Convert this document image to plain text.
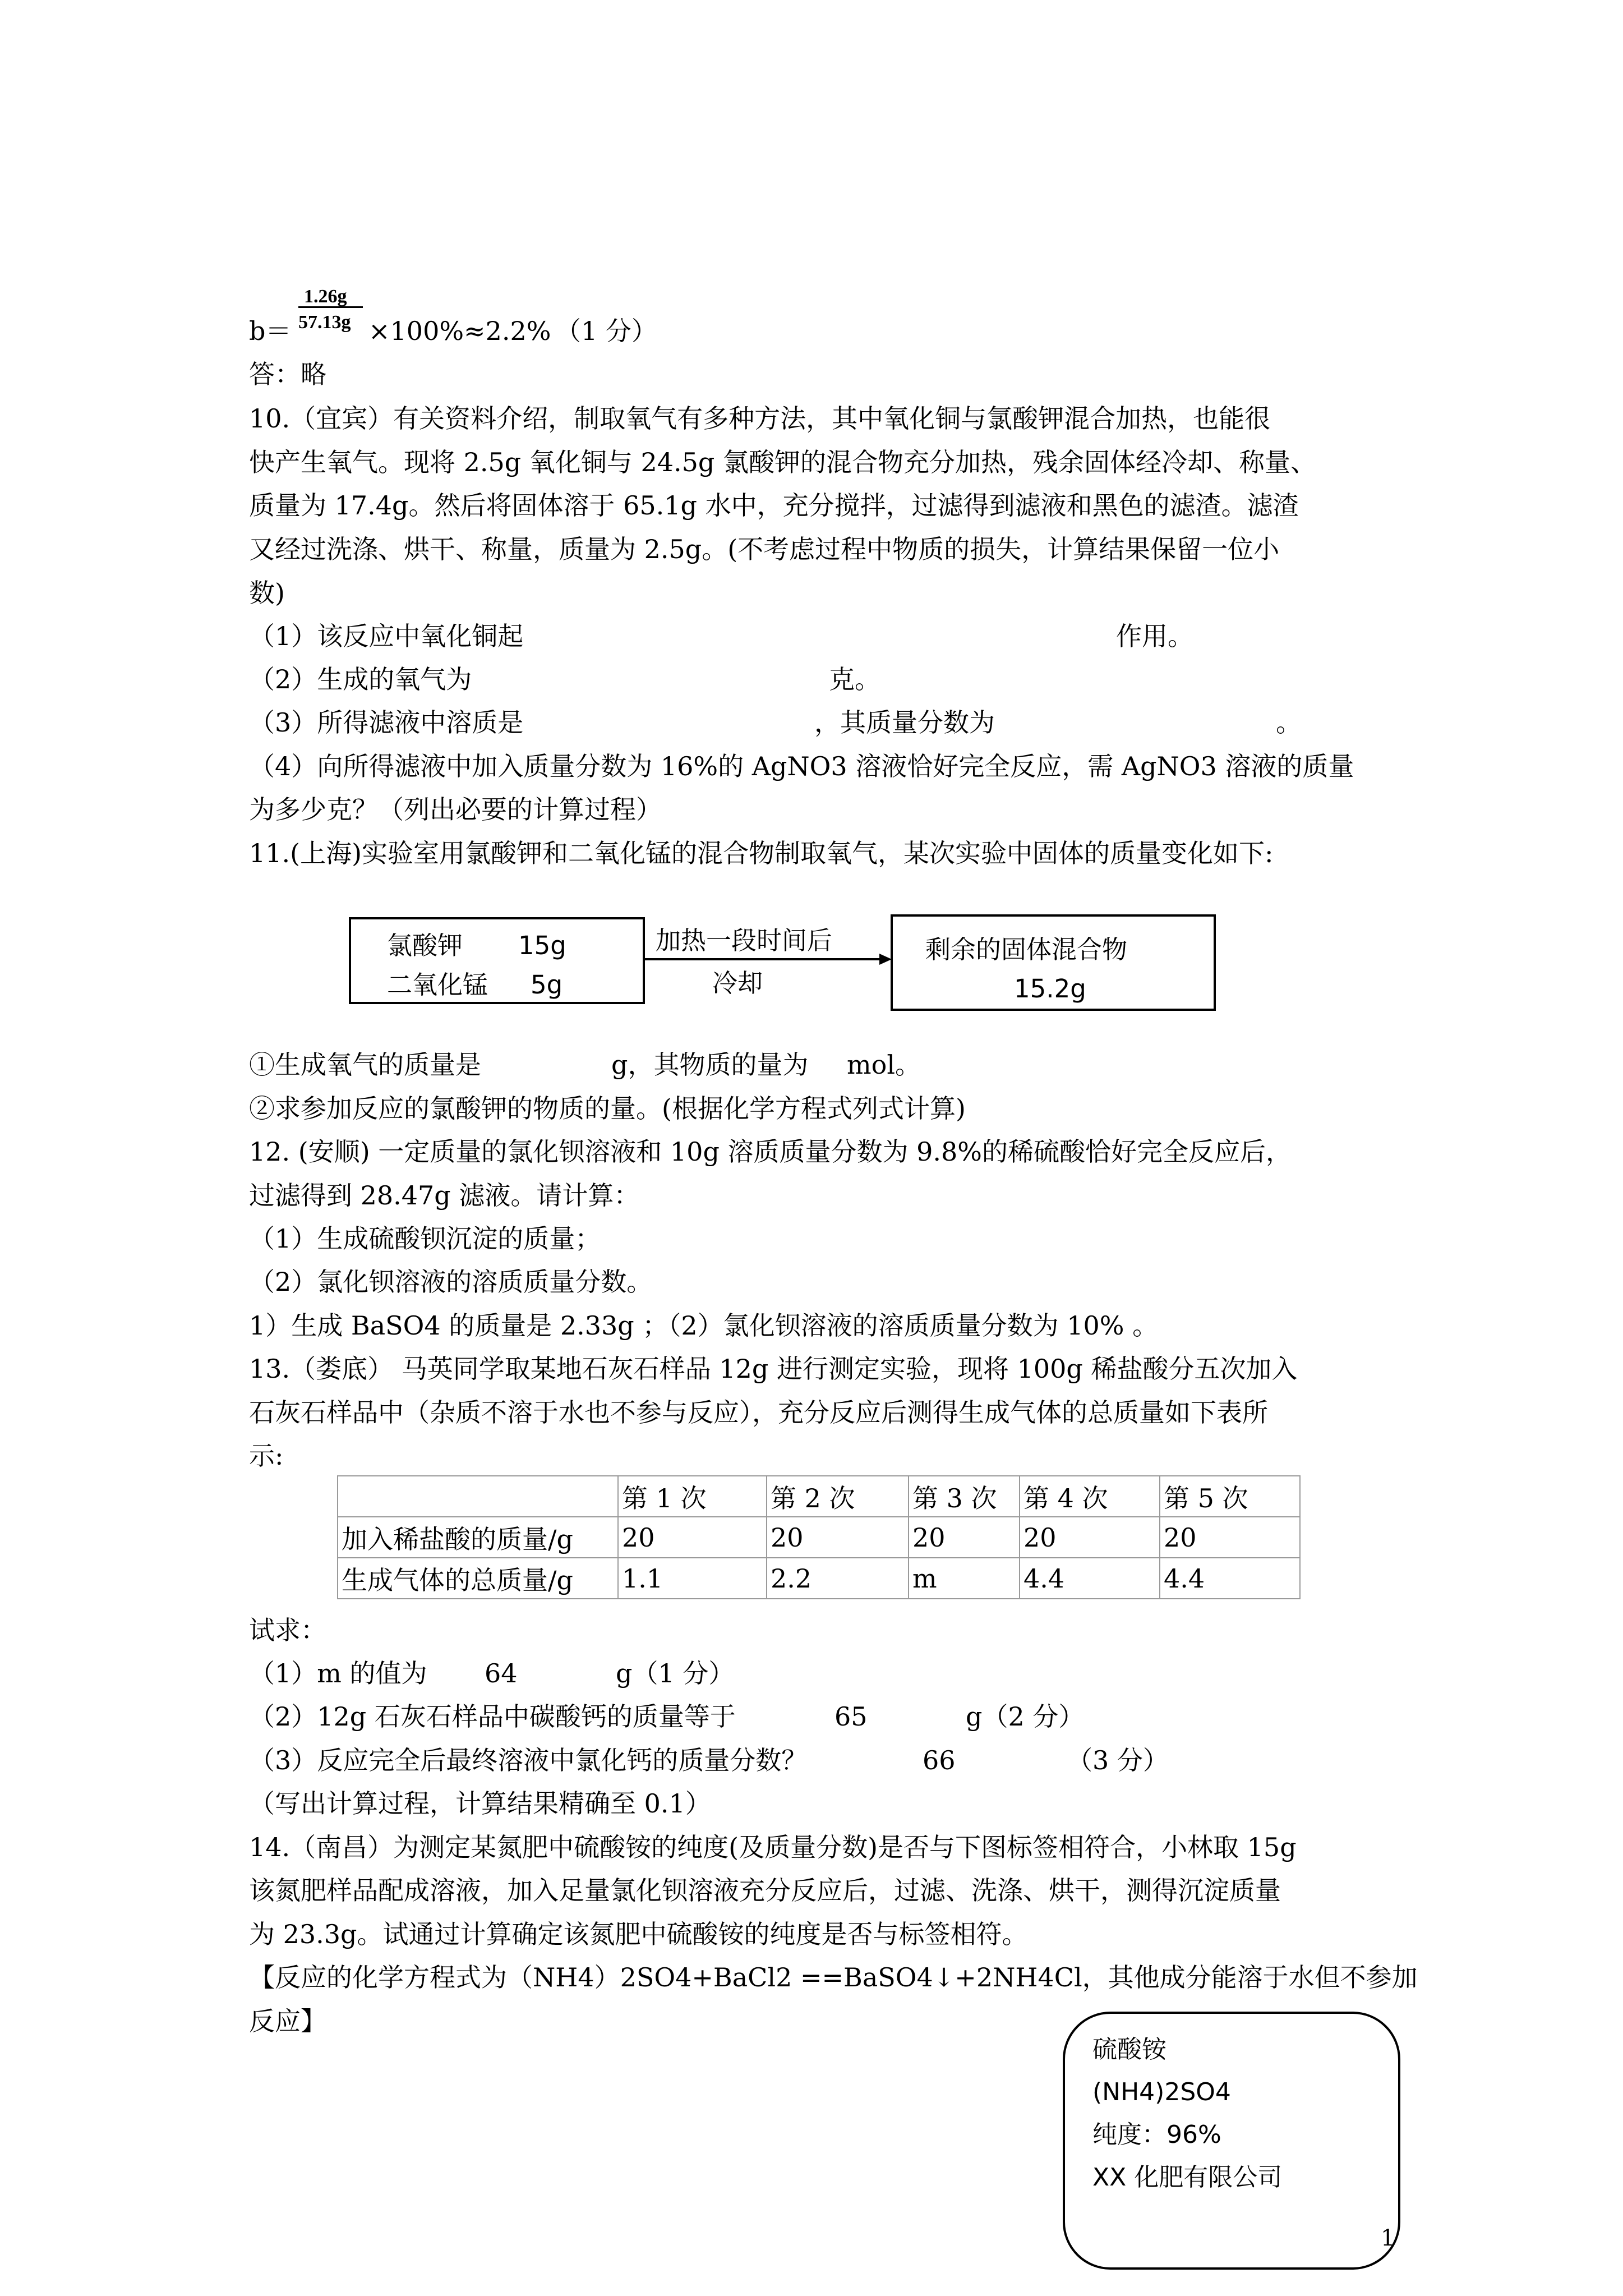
1.26g
57.13g
b＝	×100%≈2.2% （1 分）
答：略
10.（宜宾）有关资料介绍，制取氧气有多种方法，其中氧化铜与氯酸钾混合加热，也能很
快产生氧气。现将 2.5g 氧化铜与 24.5g 氯酸钾的混合物充分加热，残余固体经冷却、称量、
质量为 17.4g。然后将固体溶于 65.1g 水中，充分搅拌，过滤得到滤液和黑色的滤渣。滤渣
又经过洗涤、烘干、称量，质量为 2.5g。(不考虑过程中物质的损失，计算结果保留一位小
数)
（1）该反应中氧化铜起	作用。
（2）生成的氧气为	克。
（3）所得滤液中溶质是	，其质量分数为	。
（4）向所得滤液中加入质量分数为 16%的 AgNO3 溶液恰好完全反应，需 AgNO3 溶液的质量
为多少克？（列出必要的计算过程）
11.(上海)实验室用氯酸钾和二氧化锰的混合物制取氧气，某次实验中固体的质量变化如下:
氯酸钾 15g
二氧化锰 5g
加热一段时间后
冷却
剩余的固体混合物
15.2g
①生成氧气的质量是	g，其物质的量为 mol。
②求参加反应的氯酸钾的物质的量。(根据化学方程式列式计算)
12. (安顺) 一定质量的氯化钡溶液和 10g 溶质质量分数为 9.8%的稀硫酸恰好完全反应后，
过滤得到 28.47g 滤液。请计算：
（1）生成硫酸钡沉淀的质量；
（2）氯化钡溶液的溶质质量分数。
1）生成 BaSO4 的质量是 2.33g ；（2）氯化钡溶液的溶质质量分数为 10% 。
13.（娄底） 马英同学取某地石灰石样品 12g 进行测定实验，现将 100g 稀盐酸分五次加入
石灰石样品中（杂质不溶于水也不参与反应），充分反应后测得生成气体的总质量如下表所
示:
	第 1 次	第 2 次	第 3 次	第 4 次	第 5 次
加入稀盐酸的质量/g	20	20	20	20	20
生成气体的总质量/g	1.1	2.2	m	4.4	4.4
试求：
（1）m 的值为 64	g（1 分）
（2）12g 石灰石样品中碳酸钙的质量等于	65	g（2 分）
（3）反应完全后最终溶液中氯化钙的质量分数？	66	（3 分）
（写出计算过程，计算结果精确至 0.1）
14.（南昌）为测定某氮肥中硫酸铵的纯度(及质量分数)是否与下图标签相符合，小林取 15g
该氮肥样品配成溶液，加入足量氯化钡溶液充分反应后，过滤、洗涤、烘干，测得沉淀质量
为 23.3g。试通过计算确定该氮肥中硫酸铵的纯度是否与标签相符。
【反应的化学方程式为（NH4）2SO4+BaCl2 ==BaSO4↓+2NH4Cl，其他成分能溶于水但不参加
反应】
硫酸铵
(NH4)2SO4
纯度：96%
XX 化肥有限公司
1
